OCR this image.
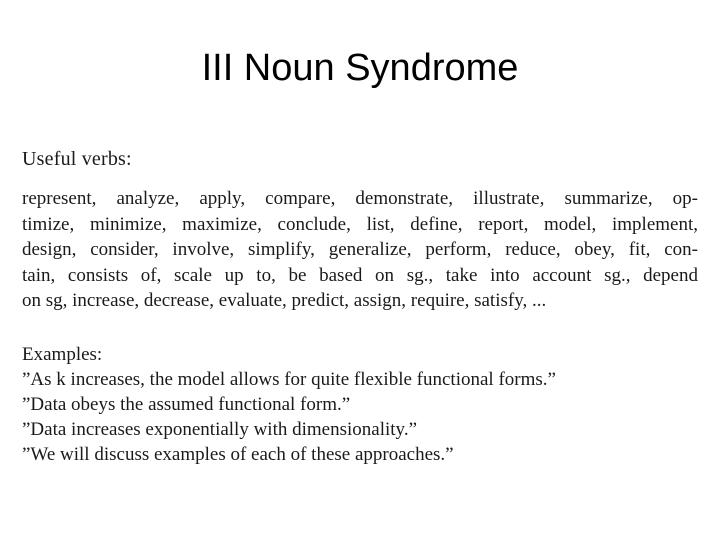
III Noun Syndrome
Useful verbs:
represent, analyze, apply, compare, demonstrate, illustrate, summarize, op-
timize, minimize, maximize, conclude, list, define, report, model, implement,
design, consider, involve, simplify, generalize, perform, reduce, obey, fit, con-
tain, consists of, scale up to, be based on sg., take into account sg., depend
on sg, increase, decrease, evaluate, predict, assign, require, satisfy, ...
Examples:
”As k increases, the model allows for quite flexible functional forms.”
”Data obeys the assumed functional form.”
”Data increases exponentially with dimensionality.”
”We will discuss examples of each of these approaches.”
